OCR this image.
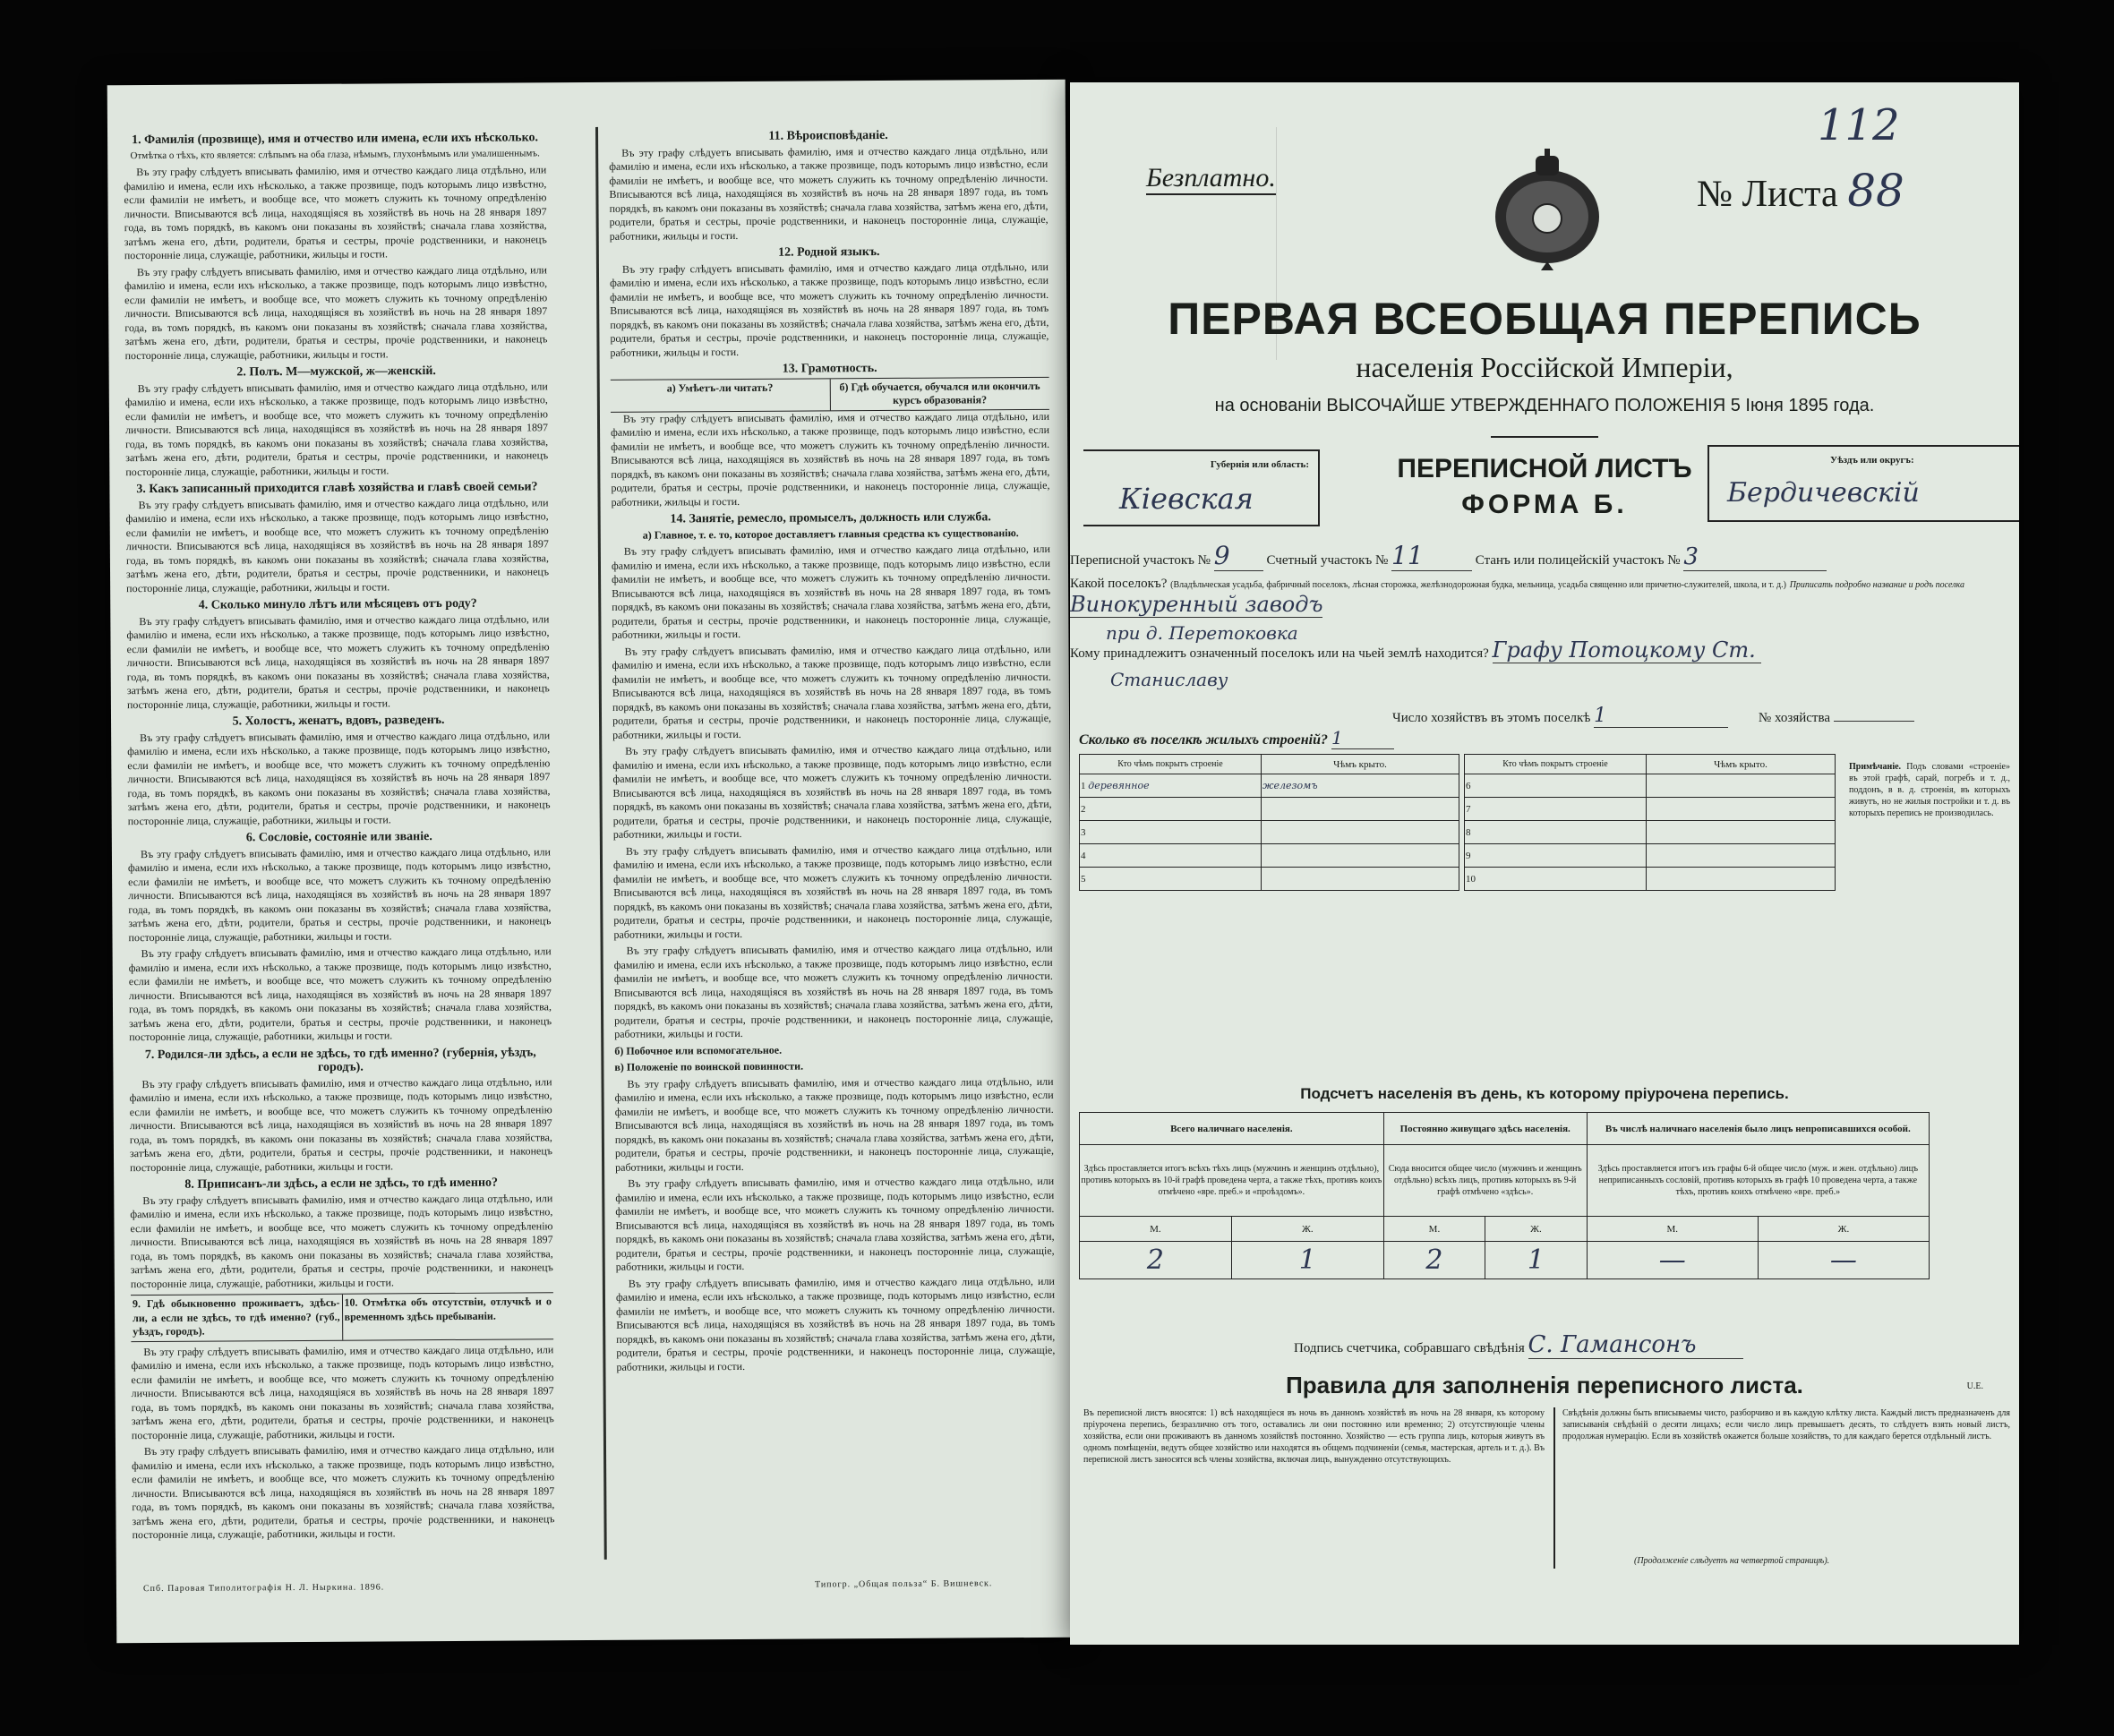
1. Фамилія (прозвище), имя и отчество или имена, если ихъ нѣсколько.

Отмѣтка о тѣхъ, кто является: слѣпымъ на оба глаза, нѣмымъ, глухонѣмымъ или умалишеннымъ.

Въ эту графу слѣдуетъ вписывать фамилію, имя и отчество каждаго лица отдѣльно, или фамилію и имена, если ихъ нѣсколько, а также прозвище, подъ которымъ лицо извѣстно, если фамиліи не имѣетъ, и вообще все, что можетъ служить къ точному опредѣленію личности. Вписываются всѣ лица, находящіяся въ хозяйствѣ въ ночь на 28 января 1897 года, въ томъ порядкѣ, въ какомъ они показаны въ хозяйствѣ; сначала глава хозяйства, затѣмъ жена его, дѣти, родители, братья и сестры, прочіе родственники, и наконецъ посторонніе лица, служащіе, работники, жильцы и гости.

Въ эту графу слѣдуетъ вписывать фамилію, имя и отчество каждаго лица отдѣльно, или фамилію и имена, если ихъ нѣсколько, а также прозвище, подъ которымъ лицо извѣстно, если фамиліи не имѣетъ, и вообще все, что можетъ служить къ точному опредѣленію личности. Вписываются всѣ лица, находящіяся въ хозяйствѣ въ ночь на 28 января 1897 года, въ томъ порядкѣ, въ какомъ они показаны въ хозяйствѣ; сначала глава хозяйства, затѣмъ жена его, дѣти, родители, братья и сестры, прочіе родственники, и наконецъ посторонніе лица, служащіе, работники, жильцы и гости.

2. Полъ. М—мужской, ж—женскій.

Въ эту графу слѣдуетъ вписывать фамилію, имя и отчество каждаго лица отдѣльно, или фамилію и имена, если ихъ нѣсколько, а также прозвище, подъ которымъ лицо извѣстно, если фамиліи не имѣетъ, и вообще все, что можетъ служить къ точному опредѣленію личности. Вписываются всѣ лица, находящіяся въ хозяйствѣ въ ночь на 28 января 1897 года, въ томъ порядкѣ, въ какомъ они показаны въ хозяйствѣ; сначала глава хозяйства, затѣмъ жена его, дѣти, родители, братья и сестры, прочіе родственники, и наконецъ посторонніе лица, служащіе, работники, жильцы и гости.

3. Какъ записанный приходится главѣ хозяйства и главѣ своей семьи?

Въ эту графу слѣдуетъ вписывать фамилію, имя и отчество каждаго лица отдѣльно, или фамилію и имена, если ихъ нѣсколько, а также прозвище, подъ которымъ лицо извѣстно, если фамиліи не имѣетъ, и вообще все, что можетъ служить къ точному опредѣленію личности. Вписываются всѣ лица, находящіяся въ хозяйствѣ въ ночь на 28 января 1897 года, въ томъ порядкѣ, въ какомъ они показаны въ хозяйствѣ; сначала глава хозяйства, затѣмъ жена его, дѣти, родители, братья и сестры, прочіе родственники, и наконецъ посторонніе лица, служащіе, работники, жильцы и гости.

4. Сколько минуло лѣтъ или мѣсяцевъ отъ роду?

Въ эту графу слѣдуетъ вписывать фамилію, имя и отчество каждаго лица отдѣльно, или фамилію и имена, если ихъ нѣсколько, а также прозвище, подъ которымъ лицо извѣстно, если фамиліи не имѣетъ, и вообще все, что можетъ служить къ точному опредѣленію личности. Вписываются всѣ лица, находящіяся въ хозяйствѣ въ ночь на 28 января 1897 года, въ томъ порядкѣ, въ какомъ они показаны въ хозяйствѣ; сначала глава хозяйства, затѣмъ жена его, дѣти, родители, братья и сестры, прочіе родственники, и наконецъ посторонніе лица, служащіе, работники, жильцы и гости.

5. Холостъ, женатъ, вдовъ, разведенъ.

Въ эту графу слѣдуетъ вписывать фамилію, имя и отчество каждаго лица отдѣльно, или фамилію и имена, если ихъ нѣсколько, а также прозвище, подъ которымъ лицо извѣстно, если фамиліи не имѣетъ, и вообще все, что можетъ служить къ точному опредѣленію личности. Вписываются всѣ лица, находящіяся въ хозяйствѣ въ ночь на 28 января 1897 года, въ томъ порядкѣ, въ какомъ они показаны въ хозяйствѣ; сначала глава хозяйства, затѣмъ жена его, дѣти, родители, братья и сестры, прочіе родственники, и наконецъ посторонніе лица, служащіе, работники, жильцы и гости.

6. Сословіе, состояніе или званіе.

Въ эту графу слѣдуетъ вписывать фамилію, имя и отчество каждаго лица отдѣльно, или фамилію и имена, если ихъ нѣсколько, а также прозвище, подъ которымъ лицо извѣстно, если фамиліи не имѣетъ, и вообще все, что можетъ служить къ точному опредѣленію личности. Вписываются всѣ лица, находящіяся въ хозяйствѣ въ ночь на 28 января 1897 года, въ томъ порядкѣ, въ какомъ они показаны въ хозяйствѣ; сначала глава хозяйства, затѣмъ жена его, дѣти, родители, братья и сестры, прочіе родственники, и наконецъ посторонніе лица, служащіе, работники, жильцы и гости.

Въ эту графу слѣдуетъ вписывать фамилію, имя и отчество каждаго лица отдѣльно, или фамилію и имена, если ихъ нѣсколько, а также прозвище, подъ которымъ лицо извѣстно, если фамиліи не имѣетъ, и вообще все, что можетъ служить къ точному опредѣленію личности. Вписываются всѣ лица, находящіяся въ хозяйствѣ въ ночь на 28 января 1897 года, въ томъ порядкѣ, въ какомъ они показаны въ хозяйствѣ; сначала глава хозяйства, затѣмъ жена его, дѣти, родители, братья и сестры, прочіе родственники, и наконецъ посторонніе лица, служащіе, работники, жильцы и гости.

7. Родился-ли здѣсь, а если не здѣсь, то гдѣ именно? (губернія, уѣздъ, городъ).

Въ эту графу слѣдуетъ вписывать фамилію, имя и отчество каждаго лица отдѣльно, или фамилію и имена, если ихъ нѣсколько, а также прозвище, подъ которымъ лицо извѣстно, если фамиліи не имѣетъ, и вообще все, что можетъ служить къ точному опредѣленію личности. Вписываются всѣ лица, находящіяся въ хозяйствѣ въ ночь на 28 января 1897 года, въ томъ порядкѣ, въ какомъ они показаны въ хозяйствѣ; сначала глава хозяйства, затѣмъ жена его, дѣти, родители, братья и сестры, прочіе родственники, и наконецъ посторонніе лица, служащіе, работники, жильцы и гости.

8. Приписанъ-ли здѣсь, а если не здѣсь, то гдѣ именно?

Въ эту графу слѣдуетъ вписывать фамилію, имя и отчество каждаго лица отдѣльно, или фамилію и имена, если ихъ нѣсколько, а также прозвище, подъ которымъ лицо извѣстно, если фамиліи не имѣетъ, и вообще все, что можетъ служить къ точному опредѣленію личности. Вписываются всѣ лица, находящіяся въ хозяйствѣ въ ночь на 28 января 1897 года, въ томъ порядкѣ, въ какомъ они показаны въ хозяйствѣ; сначала глава хозяйства, затѣмъ жена его, дѣти, родители, братья и сестры, прочіе родственники, и наконецъ посторонніе лица, служащіе, работники, жильцы и гости.

9. Гдѣ обыкновенно проживаетъ, здѣсь-ли, а если не здѣсь, то гдѣ именно? (губ., уѣздъ, городъ).
10. Отмѣтка объ отсутствіи, отлучкѣ и о временномъ здѣсь пребываніи.

Въ эту графу слѣдуетъ вписывать фамилію, имя и отчество каждаго лица отдѣльно, или фамилію и имена, если ихъ нѣсколько, а также прозвище, подъ которымъ лицо извѣстно, если фамиліи не имѣетъ, и вообще все, что можетъ служить къ точному опредѣленію личности. Вписываются всѣ лица, находящіяся въ хозяйствѣ въ ночь на 28 января 1897 года, въ томъ порядкѣ, въ какомъ они показаны въ хозяйствѣ; сначала глава хозяйства, затѣмъ жена его, дѣти, родители, братья и сестры, прочіе родственники, и наконецъ посторонніе лица, служащіе, работники, жильцы и гости.

Въ эту графу слѣдуетъ вписывать фамилію, имя и отчество каждаго лица отдѣльно, или фамилію и имена, если ихъ нѣсколько, а также прозвище, подъ которымъ лицо извѣстно, если фамиліи не имѣетъ, и вообще все, что можетъ служить къ точному опредѣленію личности. Вписываются всѣ лица, находящіяся въ хозяйствѣ въ ночь на 28 января 1897 года, въ томъ порядкѣ, въ какомъ они показаны въ хозяйствѣ; сначала глава хозяйства, затѣмъ жена его, дѣти, родители, братья и сестры, прочіе родственники, и наконецъ посторонніе лица, служащіе, работники, жильцы и гости.

11. Вѣроисповѣданіе.

Въ эту графу слѣдуетъ вписывать фамилію, имя и отчество каждаго лица отдѣльно, или фамилію и имена, если ихъ нѣсколько, а также прозвище, подъ которымъ лицо извѣстно, если фамиліи не имѣетъ, и вообще все, что можетъ служить къ точному опредѣленію личности. Вписываются всѣ лица, находящіяся въ хозяйствѣ въ ночь на 28 января 1897 года, въ томъ порядкѣ, въ какомъ они показаны въ хозяйствѣ; сначала глава хозяйства, затѣмъ жена его, дѣти, родители, братья и сестры, прочіе родственники, и наконецъ посторонніе лица, служащіе, работники, жильцы и гости.

12. Родной языкъ.

Въ эту графу слѣдуетъ вписывать фамилію, имя и отчество каждаго лица отдѣльно, или фамилію и имена, если ихъ нѣсколько, а также прозвище, подъ которымъ лицо извѣстно, если фамиліи не имѣетъ, и вообще все, что можетъ служить къ точному опредѣленію личности. Вписываются всѣ лица, находящіяся въ хозяйствѣ въ ночь на 28 января 1897 года, въ томъ порядкѣ, въ какомъ они показаны въ хозяйствѣ; сначала глава хозяйства, затѣмъ жена его, дѣти, родители, братья и сестры, прочіе родственники, и наконецъ посторонніе лица, служащіе, работники, жильцы и гости.

13. Грамотность.
а) Умѣетъ-ли читать?	б) Гдѣ обучается, обучался или окончилъ курсъ образованія?

Въ эту графу слѣдуетъ вписывать фамилію, имя и отчество каждаго лица отдѣльно, или фамилію и имена, если ихъ нѣсколько, а также прозвище, подъ которымъ лицо извѣстно, если фамиліи не имѣетъ, и вообще все, что можетъ служить къ точному опредѣленію личности. Вписываются всѣ лица, находящіяся въ хозяйствѣ въ ночь на 28 января 1897 года, въ томъ порядкѣ, въ какомъ они показаны въ хозяйствѣ; сначала глава хозяйства, затѣмъ жена его, дѣти, родители, братья и сестры, прочіе родственники, и наконецъ посторонніе лица, служащіе, работники, жильцы и гости.

14. Занятіе, ремесло, промыселъ, должность или служба.

а) Главное, т. е. то, которое доставляетъ главныя средства къ существованію.

Въ эту графу слѣдуетъ вписывать фамилію, имя и отчество каждаго лица отдѣльно, или фамилію и имена, если ихъ нѣсколько, а также прозвище, подъ которымъ лицо извѣстно, если фамиліи не имѣетъ, и вообще все, что можетъ служить къ точному опредѣленію личности. Вписываются всѣ лица, находящіяся въ хозяйствѣ въ ночь на 28 января 1897 года, въ томъ порядкѣ, въ какомъ они показаны въ хозяйствѣ; сначала глава хозяйства, затѣмъ жена его, дѣти, родители, братья и сестры, прочіе родственники, и наконецъ посторонніе лица, служащіе, работники, жильцы и гости.

Въ эту графу слѣдуетъ вписывать фамилію, имя и отчество каждаго лица отдѣльно, или фамилію и имена, если ихъ нѣсколько, а также прозвище, подъ которымъ лицо извѣстно, если фамиліи не имѣетъ, и вообще все, что можетъ служить къ точному опредѣленію личности. Вписываются всѣ лица, находящіяся въ хозяйствѣ въ ночь на 28 января 1897 года, въ томъ порядкѣ, въ какомъ они показаны въ хозяйствѣ; сначала глава хозяйства, затѣмъ жена его, дѣти, родители, братья и сестры, прочіе родственники, и наконецъ посторонніе лица, служащіе, работники, жильцы и гости.

Въ эту графу слѣдуетъ вписывать фамилію, имя и отчество каждаго лица отдѣльно, или фамилію и имена, если ихъ нѣсколько, а также прозвище, подъ которымъ лицо извѣстно, если фамиліи не имѣетъ, и вообще все, что можетъ служить къ точному опредѣленію личности. Вписываются всѣ лица, находящіяся въ хозяйствѣ въ ночь на 28 января 1897 года, въ томъ порядкѣ, въ какомъ они показаны въ хозяйствѣ; сначала глава хозяйства, затѣмъ жена его, дѣти, родители, братья и сестры, прочіе родственники, и наконецъ посторонніе лица, служащіе, работники, жильцы и гости.

Въ эту графу слѣдуетъ вписывать фамилію, имя и отчество каждаго лица отдѣльно, или фамилію и имена, если ихъ нѣсколько, а также прозвище, подъ которымъ лицо извѣстно, если фамиліи не имѣетъ, и вообще все, что можетъ служить къ точному опредѣленію личности. Вписываются всѣ лица, находящіяся въ хозяйствѣ въ ночь на 28 января 1897 года, въ томъ порядкѣ, въ какомъ они показаны въ хозяйствѣ; сначала глава хозяйства, затѣмъ жена его, дѣти, родители, братья и сестры, прочіе родственники, и наконецъ посторонніе лица, служащіе, работники, жильцы и гости.

Въ эту графу слѣдуетъ вписывать фамилію, имя и отчество каждаго лица отдѣльно, или фамилію и имена, если ихъ нѣсколько, а также прозвище, подъ которымъ лицо извѣстно, если фамиліи не имѣетъ, и вообще все, что можетъ служить къ точному опредѣленію личности. Вписываются всѣ лица, находящіяся въ хозяйствѣ въ ночь на 28 января 1897 года, въ томъ порядкѣ, въ какомъ они показаны въ хозяйствѣ; сначала глава хозяйства, затѣмъ жена его, дѣти, родители, братья и сестры, прочіе родственники, и наконецъ посторонніе лица, служащіе, работники, жильцы и гости.

б) Побочное или вспомогательное.

в) Положеніе по воинской повинности.

Въ эту графу слѣдуетъ вписывать фамилію, имя и отчество каждаго лица отдѣльно, или фамилію и имена, если ихъ нѣсколько, а также прозвище, подъ которымъ лицо извѣстно, если фамиліи не имѣетъ, и вообще все, что можетъ служить къ точному опредѣленію личности. Вписываются всѣ лица, находящіяся въ хозяйствѣ въ ночь на 28 января 1897 года, въ томъ порядкѣ, въ какомъ они показаны въ хозяйствѣ; сначала глава хозяйства, затѣмъ жена его, дѣти, родители, братья и сестры, прочіе родственники, и наконецъ посторонніе лица, служащіе, работники, жильцы и гости.

Въ эту графу слѣдуетъ вписывать фамилію, имя и отчество каждаго лица отдѣльно, или фамилію и имена, если ихъ нѣсколько, а также прозвище, подъ которымъ лицо извѣстно, если фамиліи не имѣетъ, и вообще все, что можетъ служить къ точному опредѣленію личности. Вписываются всѣ лица, находящіяся въ хозяйствѣ въ ночь на 28 января 1897 года, въ томъ порядкѣ, въ какомъ они показаны въ хозяйствѣ; сначала глава хозяйства, затѣмъ жена его, дѣти, родители, братья и сестры, прочіе родственники, и наконецъ посторонніе лица, служащіе, работники, жильцы и гости.

Въ эту графу слѣдуетъ вписывать фамилію, имя и отчество каждаго лица отдѣльно, или фамилію и имена, если ихъ нѣсколько, а также прозвище, подъ которымъ лицо извѣстно, если фамиліи не имѣетъ, и вообще все, что можетъ служить къ точному опредѣленію личности. Вписываются всѣ лица, находящіяся въ хозяйствѣ въ ночь на 28 января 1897 года, въ томъ порядкѣ, въ какомъ они показаны въ хозяйствѣ; сначала глава хозяйства, затѣмъ жена его, дѣти, родители, братья и сестры, прочіе родственники, и наконецъ посторонніе лица, служащіе, работники, жильцы и гости.

Спб. Паровая Типолитографія Н. Л. Ныркина. 1896.	Типогр. „Общая польза“ Б. Вишневск.
112
Безплатно.	№ Листа 88
ПЕРВАЯ ВСЕОБЩАЯ ПЕРЕПИСЬ
населенія Россійской Имперіи,
на основаніи ВЫСОЧАЙШЕ УТВЕРЖДЕННАГО ПОЛОЖЕНІЯ 5 Іюня 1895 года.
Губернія или область:
Кіевская
ПЕРЕПИСНОЙ ЛИСТЪ
ФОРМА Б.
Уѣздъ или округъ:
Бердичевскій
Переписной участокъ № 9	Счетный участокъ № 11	Станъ или полицейскій участокъ № 3
Какой поселокъ? (Владѣльческая усадьба, фабричный поселокъ, лѣсная сторожка, желѣзнодорожная будка, мельница, усадьба священно или причетно-служителей, школа, и т. д.) Приписать подробно название и родъ поселка Винокуренный заводъ
при д. Перетоковка
Кому принадлежитъ означенный поселокъ или на чьей землѣ находится? Графу Потоцкому Ст.
Станиславу
Число хозяйствъ въ этомъ поселкѣ 1	№ хозяйства
Сколько въ поселкѣ жилыхъ строеній? 1
Кто чѣмъ покрытъ строеніе	Чѣмъ крыто.
1 деревянное	железомъ
2	
3	
4	
5	
Кто чѣмъ покрытъ строеніе	Чѣмъ крыто.
6	
7	
8	
9	
10	
Примѣчаніе. Подъ словами «строеніе» въ этой графѣ, сарай, погребъ и т. д., поддонъ, в в. д. строенія, въ которыхъ живутъ, но не жилыя постройки и т. д. въ которыхъ перепись не производилась.
Подсчетъ населенія въ день, къ которому пріурочена перепись.
Всего наличнаго населенія.		Постоянно живущаго здѣсь населенія.		Въ числѣ наличнаго населенія было лицъ непрописавшихся особой.	
Здѣсь проставляется итогъ всѣхъ тѣхъ лицъ (мужчинъ и женщинъ отдѣльно), противъ которыхъ въ 10-й графѣ проведена черта, а также тѣхъ, противъ коихъ отмѣчено «вре. преб.» и «проѣздомъ».		Сюда вносится общее число (мужчинъ и женщинъ отдѣльно) всѣхъ лицъ, противъ которыхъ въ 9-й графѣ отмѣчено «здѣсь».		Здѣсь проставляется итогъ изъ графы 6-й общее число (муж. и жен. отдѣльно) лицъ неприписанныхъ сословій, противъ которыхъ въ графѣ 10 проведена черта, а также тѣхъ, противъ коихъ отмѣчено «вре. преб.»	
М.	Ж.	М.	Ж.	М.	Ж.
2	1	2	1	—	—
Подпись счетчика, собравшаго свѣдѣнія С. Гамансонъ
Правила для заполненія переписного листа.	U.E.
Въ переписной листъ вносятся: 1) всѣ находящіеся въ ночь въ данномъ хозяйствѣ въ ночь на 28 января, къ которому пріурочена перепись, безразлично отъ того, оставались ли они постоянно или временно; 2) отсутствующіе члены хозяйства, если они проживаютъ въ данномъ хозяйствѣ постоянно. Хозяйство — есть группа лицъ, которыя живутъ въ одномъ помѣщеніи, ведутъ общее хозяйство или находятся въ общемъ подчиненіи (семья, мастерская, артель и т. д.). Въ переписной листъ заносятся всѣ члены хозяйства, включая лицъ, вынужденно отсутствующихъ.
Свѣдѣнія должны быть вписываемы чисто, разборчиво и въ каждую клѣтку листа. Каждый листъ предназначенъ для записыванія свѣдѣній о десяти лицахъ; если число лицъ превышаетъ десять, то слѣдуетъ взять новый листъ, продолжая нумерацію. Если въ хозяйствѣ окажется больше хозяйствъ, то для каждаго берется отдѣльный листъ.
(Продолженіе слѣдуетъ на четвертой страницѣ).
